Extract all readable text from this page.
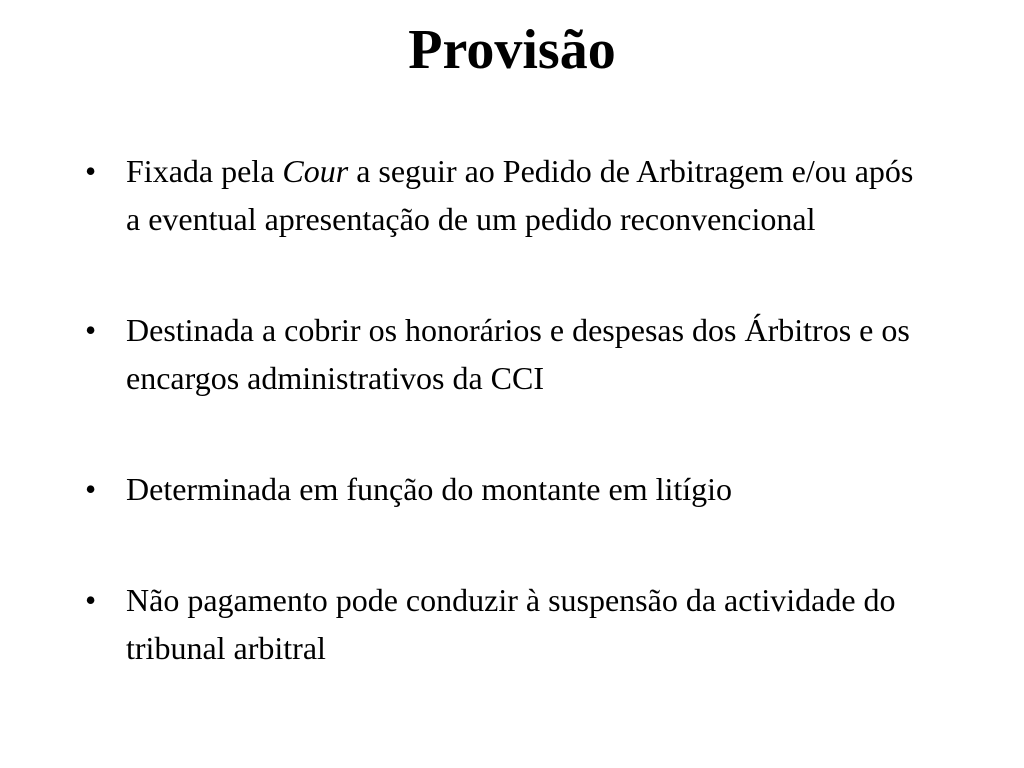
Provisão
• Fixada pela Cour a seguir ao Pedido de Arbitragem e/ou após a eventual apresentação de um pedido reconvencional
• Destinada a cobrir os honorários e despesas dos Árbitros e os encargos administrativos da CCI
• Determinada em função do montante em litígio
• Não pagamento pode conduzir à suspensão da actividade do tribunal arbitral
